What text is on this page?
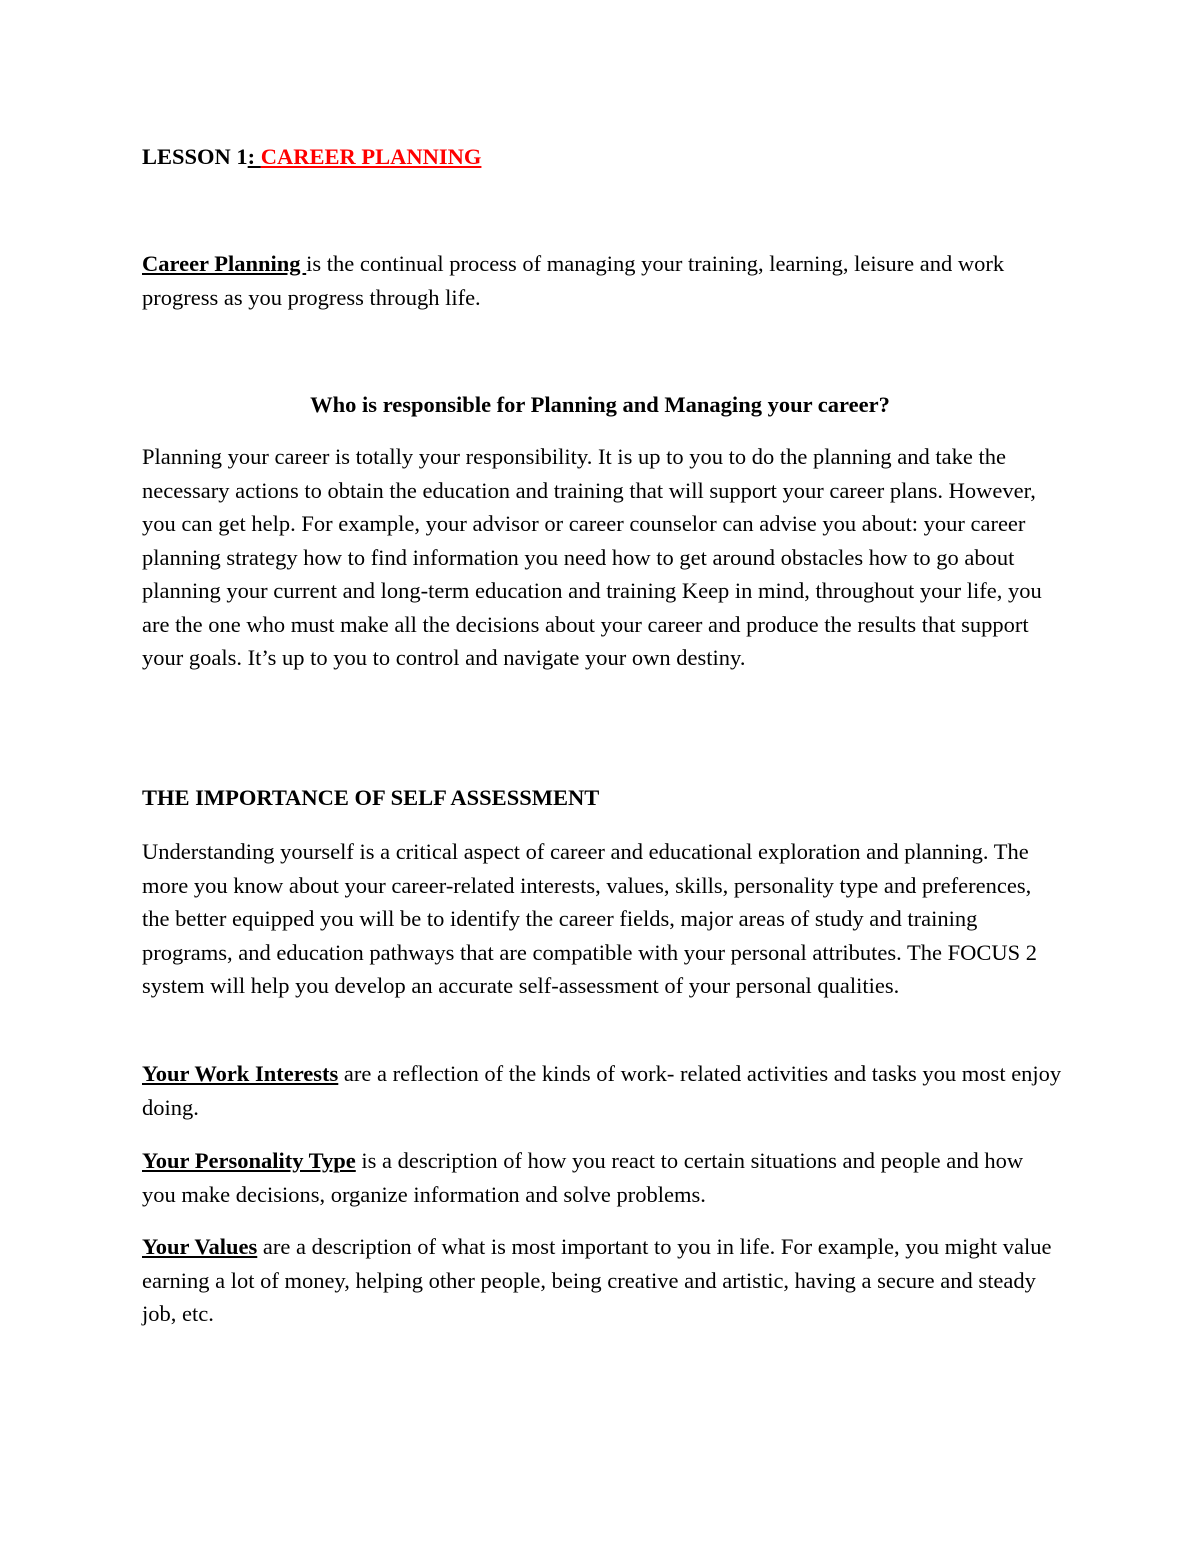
LESSON 1: CAREER PLANNING

Career Planning is the continual process of managing your training, learning, leisure and work progress as you progress through life.

Who is responsible for Planning and Managing your career?

Planning your career is totally your responsibility. It is up to you to do the planning and take the necessary actions to obtain the education and training that will support your career plans. However, you can get help. For example, your advisor or career counselor can advise you about: your career planning strategy how to find information you need how to get around obstacles how to go about planning your current and long-term education and training Keep in mind, throughout your life, you are the one who must make all the decisions about your career and produce the results that support your goals. It’s up to you to control and navigate your own destiny.

THE IMPORTANCE OF SELF ASSESSMENT

Understanding yourself is a critical aspect of career and educational exploration and planning. The more you know about your career-related interests, values, skills, personality type and preferences, the better equipped you will be to identify the career fields, major areas of study and training programs, and education pathways that are compatible with your personal attributes. The FOCUS 2 system will help you develop an accurate self-assessment of your personal qualities.

Your Work Interests are a reflection of the kinds of work- related activities and tasks you most enjoy doing.

Your Personality Type is a description of how you react to certain situations and people and how you make decisions, organize information and solve problems.

Your Values are a description of what is most important to you in life. For example, you might value earning a lot of money, helping other people, being creative and artistic, having a secure and steady job, etc.
